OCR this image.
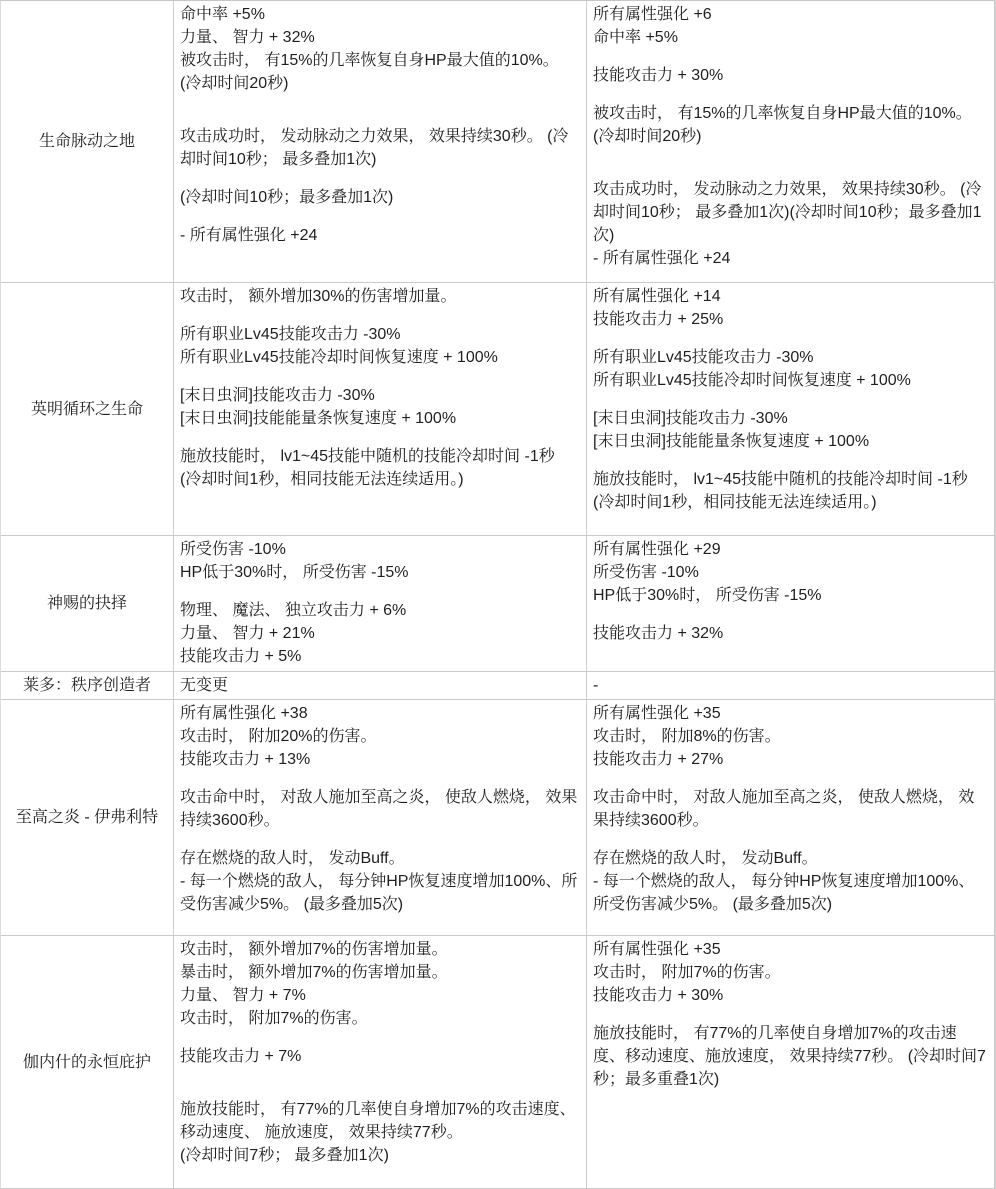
生命脉动之地
命中率 +5%
力量、 智力 + 32%
被攻击时， 有15%的几率恢复自身HP最大值的10%。
(冷却时间20秒)
攻击成功时， 发动脉动之力效果， 效果持续30秒。 (冷却时间10秒； 最多叠加1次)
(冷却时间10秒；最多叠加1次)
- 所有属性强化 +24
所有属性强化 +6
命中率 +5%
技能攻击力 + 30%
被攻击时， 有15%的几率恢复自身HP最大值的10%。
(冷却时间20秒)
攻击成功时， 发动脉动之力效果， 效果持续30秒。 (冷却时间10秒； 最多叠加1次)(冷却时间10秒；最多叠加1次)
- 所有属性强化 +24
英明循环之生命
攻击时， 额外增加30%的伤害增加量。
所有职业Lv45技能攻击力 -30%
所有职业Lv45技能冷却时间恢复速度 + 100%
[末日虫洞]技能攻击力 -30%
[末日虫洞]技能能量条恢复速度 + 100%
施放技能时， lv1~45技能中随机的技能冷却时间 -1秒
(冷却时间1秒，相同技能无法连续适用。)
所有属性强化 +14
技能攻击力 + 25%
所有职业Lv45技能攻击力 -30%
所有职业Lv45技能冷却时间恢复速度 + 100%
[末日虫洞]技能攻击力 -30%
[末日虫洞]技能能量条恢复速度 + 100%
施放技能时， lv1~45技能中随机的技能冷却时间 -1秒
(冷却时间1秒，相同技能无法连续适用。)
神赐的抉择
所受伤害 -10%
HP低于30%时， 所受伤害 -15%
物理、 魔法、 独立攻击力 + 6%
力量、 智力 + 21%
技能攻击力 + 5%
所有属性强化 +29
所受伤害 -10%
HP低于30%时， 所受伤害 -15%
技能攻击力 + 32%
莱多：秩序创造者	无变更	-
至高之炎 - 伊弗利特
所有属性强化 +38
攻击时， 附加20%的伤害。
技能攻击力 + 13%
攻击命中时， 对敌人施加至高之炎， 使敌人燃烧， 效果持续3600秒。
存在燃烧的敌人时， 发动Buff。
- 每一个燃烧的敌人， 每分钟HP恢复速度增加100%、所受伤害减少5%。 (最多叠加5次)
所有属性强化 +35
攻击时， 附加8%的伤害。
技能攻击力 + 27%
攻击命中时， 对敌人施加至高之炎， 使敌人燃烧， 效果持续3600秒。
存在燃烧的敌人时， 发动Buff。
- 每一个燃烧的敌人， 每分钟HP恢复速度增加100%、所受伤害减少5%。 (最多叠加5次)
伽内什的永恒庇护
攻击时， 额外增加7%的伤害增加量。
暴击时， 额外增加7%的伤害增加量。
力量、 智力 + 7%
攻击时， 附加7%的伤害。
技能攻击力 + 7%
施放技能时， 有77%的几率使自身增加7%的攻击速度、移动速度、 施放速度， 效果持续77秒。
(冷却时间7秒； 最多叠加1次)
所有属性强化 +35
攻击时， 附加7%的伤害。
技能攻击力 + 30%
施放技能时， 有77%的几率使自身增加7%的攻击速度、移动速度、施放速度， 效果持续77秒。 (冷却时间7秒；最多重叠1次)
